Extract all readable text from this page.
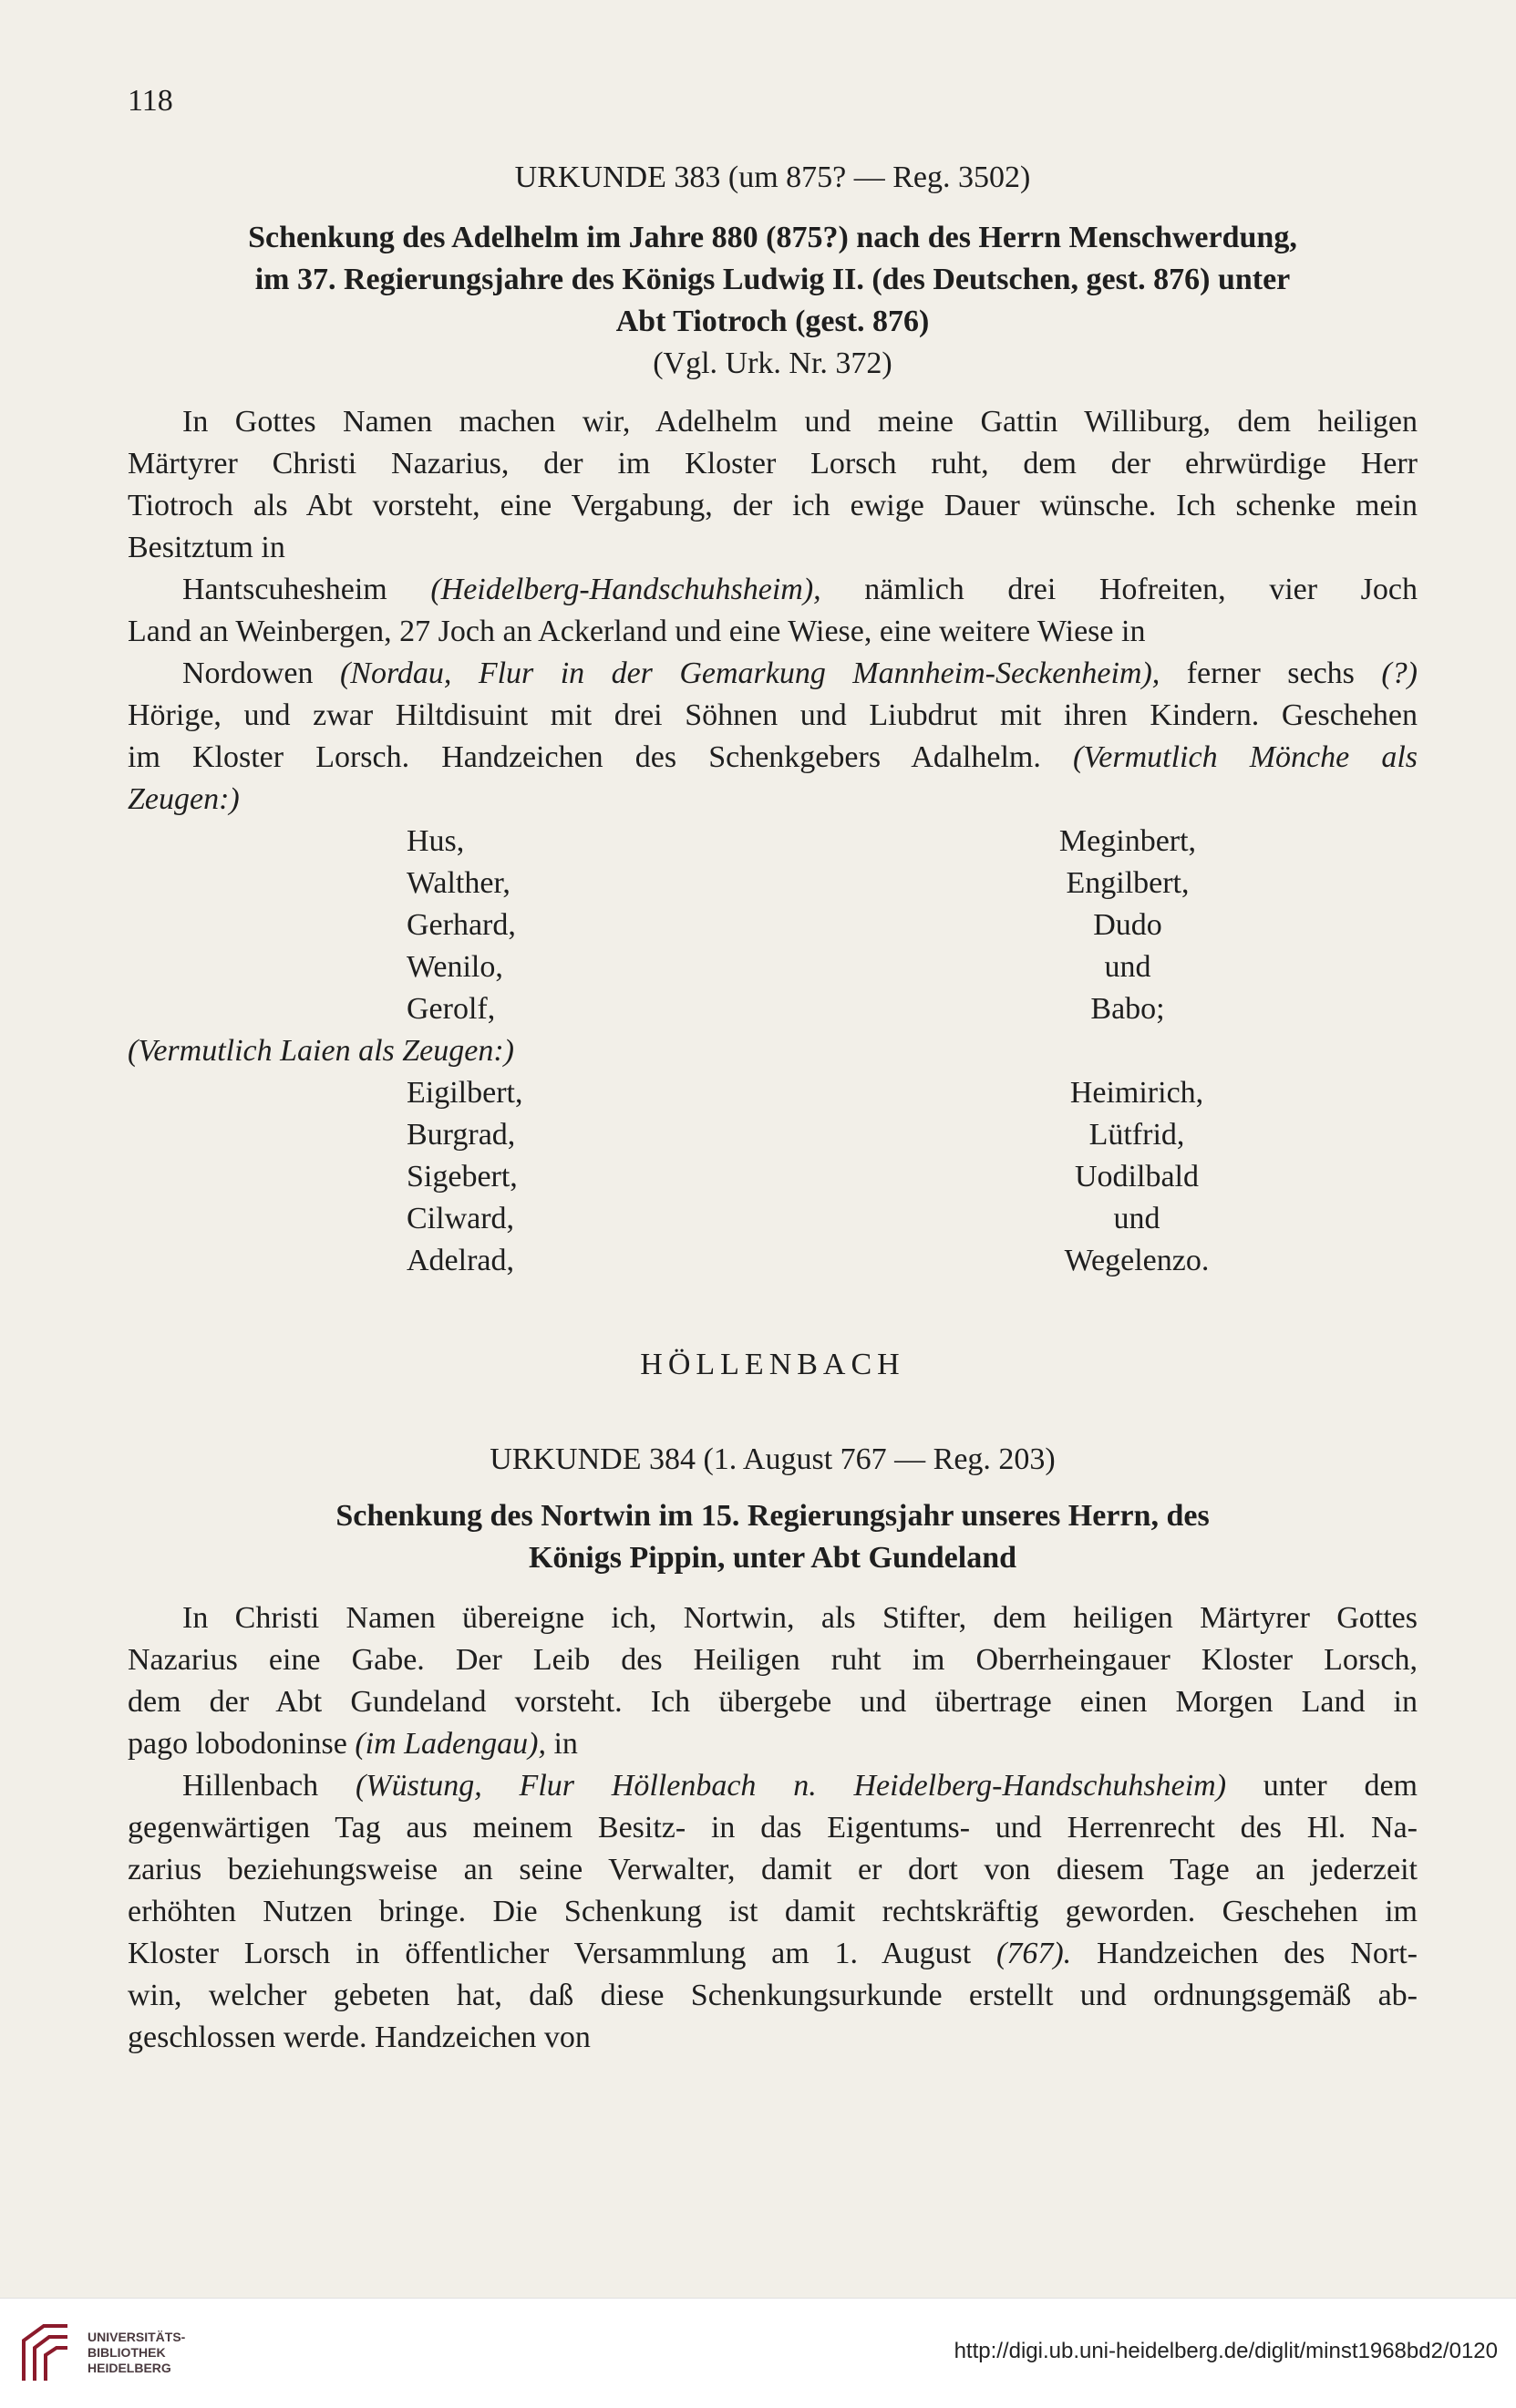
118
URKUNDE 383 (um 875? — Reg. 3502)
Schenkung des Adelhelm im Jahre 880 (875?) nach des Herrn Menschwerdung,
im 37. Regierungsjahre des Königs Ludwig II. (des Deutschen, gest. 876) unter
Abt Tiotroch (gest. 876)
(Vgl. Urk. Nr. 372)
In Gottes Namen machen wir, Adelhelm und meine Gattin Williburg, dem heiligen
Märtyrer Christi Nazarius, der im Kloster Lorsch ruht, dem der ehrwürdige Herr
Tiotroch als Abt vorsteht, eine Vergabung, der ich ewige Dauer wünsche. Ich schenke mein
Besitztum in
Hantscuhesheim (Heidelberg-Handschuhsheim), nämlich drei Hofreiten, vier Joch
Land an Weinbergen, 27 Joch an Ackerland und eine Wiese, eine weitere Wiese in
Nordowen (Nordau, Flur in der Gemarkung Mannheim-Seckenheim), ferner sechs (?)
Hörige, und zwar Hiltdisuint mit drei Söhnen und Liubdrut mit ihren Kindern. Geschehen
im Kloster Lorsch. Handzeichen des Schenkgebers Adalhelm. (Vermutlich Mönche als
Zeugen:)
Hus,
Walther,
Gerhard,
Wenilo,
Gerolf,
Meginbert,
Engilbert,
Dudo
und
Babo;
(Vermutlich Laien als Zeugen:)
Eigilbert,
Burgrad,
Sigebert,
Cilward,
Adelrad,
Heimirich,
Lütfrid,
Uodilbald
und
Wegelenzo.
HÖLLENBACH
URKUNDE 384 (1. August 767 — Reg. 203)
Schenkung des Nortwin im 15. Regierungsjahr unseres Herrn, des
Königs Pippin, unter Abt Gundeland
In Christi Namen übereigne ich, Nortwin, als Stifter, dem heiligen Märtyrer Gottes
Nazarius eine Gabe. Der Leib des Heiligen ruht im Oberrheingauer Kloster Lorsch,
dem der Abt Gundeland vorsteht. Ich übergebe und übertrage einen Morgen Land in
pago lobodoninse (im Ladengau), in
Hillenbach (Wüstung, Flur Höllenbach n. Heidelberg-Handschuhsheim) unter dem
gegenwärtigen Tag aus meinem Besitz- in das Eigentums- und Herrenrecht des Hl. Na-
zarius beziehungsweise an seine Verwalter, damit er dort von diesem Tage an jederzeit
erhöhten Nutzen bringe. Die Schenkung ist damit rechtskräftig geworden. Geschehen im
Kloster Lorsch in öffentlicher Versammlung am 1. August (767). Handzeichen des Nort-
win, welcher gebeten hat, daß diese Schenkungsurkunde erstellt und ordnungsgemäß ab-
geschlossen werde. Handzeichen von
UNIVERSITÄTS-
BIBLIOTHEK
HEIDELBERG
http://digi.ub.uni-heidelberg.de/diglit/minst1968bd2/0120
